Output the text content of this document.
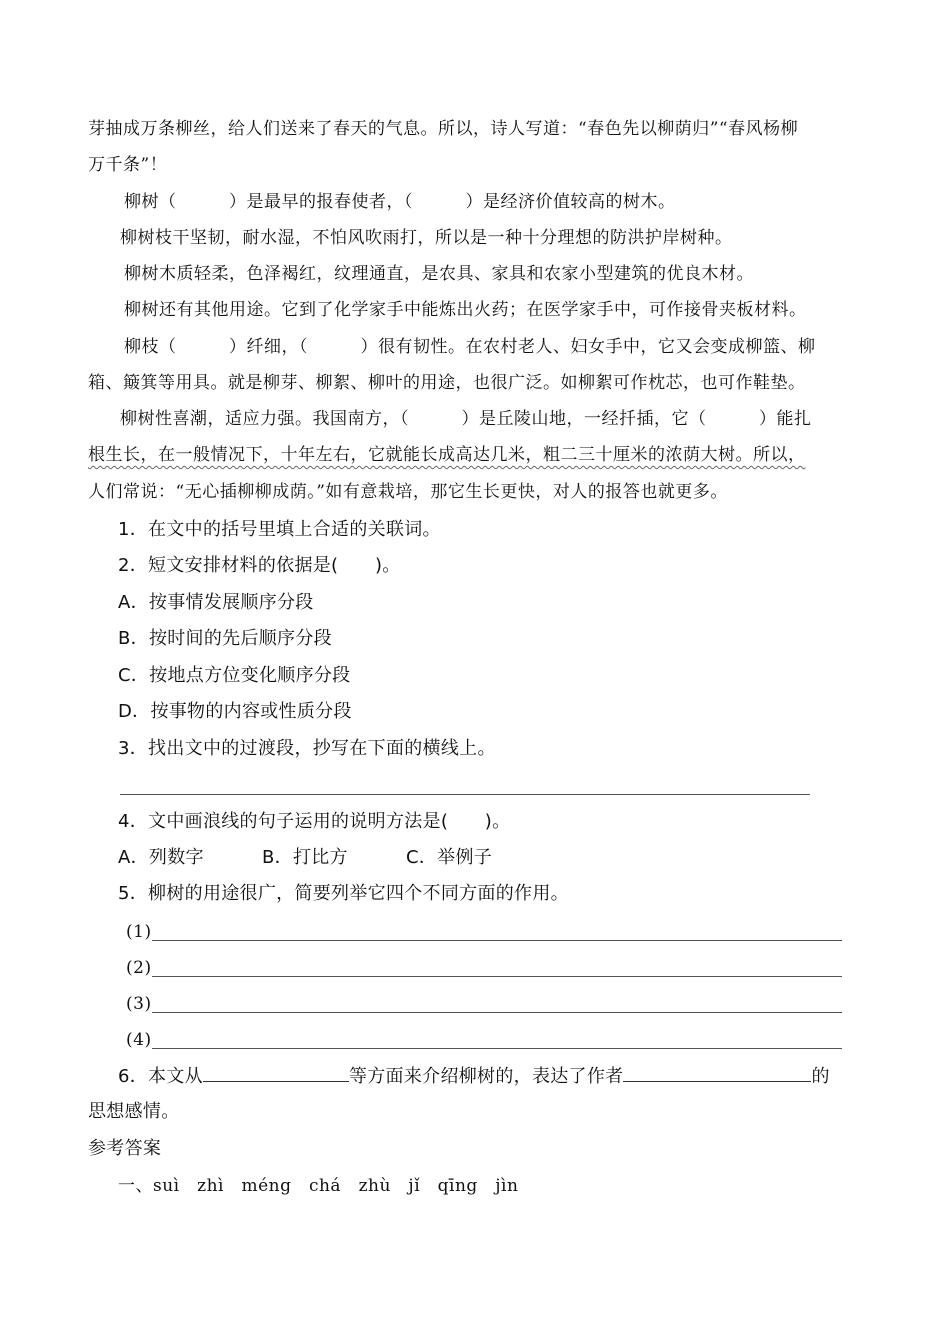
芽抽成万条柳丝，给人们送来了春天的气息。所以，诗人写道：“春色先以柳荫归”“春风杨柳
万千条”！
柳树（　　　）是最早的报春使者，（　　　）是经济价值较高的树木。
柳树枝干坚韧，耐水湿，不怕风吹雨打，所以是一种十分理想的防洪护岸树种。
柳树木质轻柔，色泽褐红，纹理通直，是农具、家具和农家小型建筑的优良木材。
柳树还有其他用途。它到了化学家手中能炼出火药；在医学家手中，可作接骨夹板材料。
柳枝（　　　）纤细，（　　　）很有韧性。在农村老人、妇女手中，它又会变成柳篮、柳
箱、簸箕等用具。就是柳芽、柳絮、柳叶的用途，也很广泛。如柳絮可作枕芯，也可作鞋垫。
柳树性喜潮，适应力强。我国南方，（　　　）是丘陵山地，一经扦插，它（　　　）能扎
根生长，在一般情况下，十年左右，它就能长成高达几米，粗二三十厘米的浓荫大树。所以，
人们常说：“无心插柳柳成荫。”如有意栽培，那它生长更快，对人的报答也就更多。
1．在文中的括号里填上合适的关联词。
2．短文安排材料的依据是(　　)。
A．按事情发展顺序分段
B．按时间的先后顺序分段
C．按地点方位变化顺序分段
D．按事物的内容或性质分段
3．找出文中的过渡段，抄写在下面的横线上。
4．文中画浪线的句子运用的说明方法是(　　)。
A．列数字	B．打比方	C．举例子
5．柳树的用途很广，简要列举它四个不同方面的作用。
(1)
(2)
(3)
(4)
6．本文从	等方面来介绍柳树的，表达了作者	的
思想感情。
参考答案
一、suì　zhì　méng　chá　zhù　jǐ　qīng　jìn
